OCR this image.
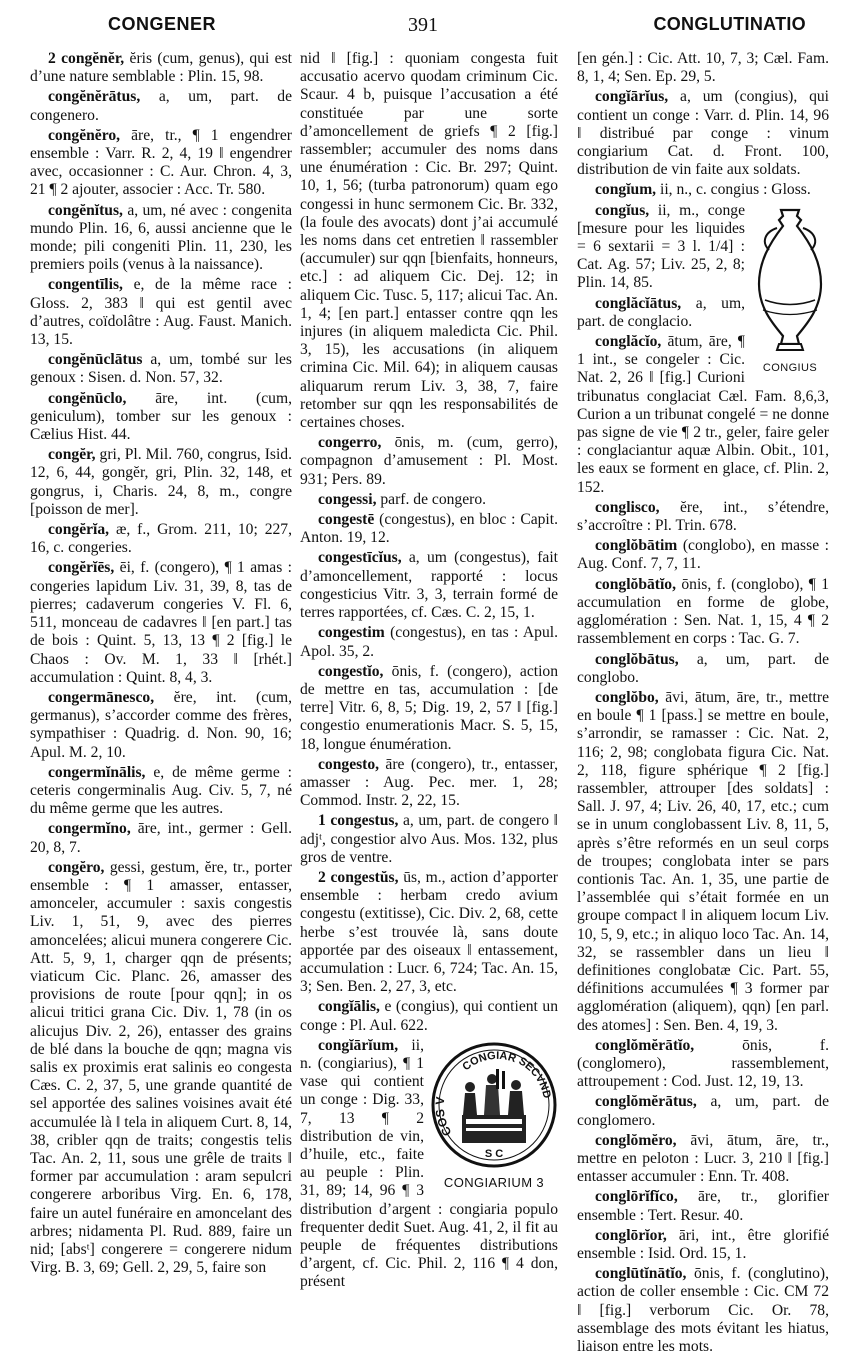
CONGENER	391	CONGLUTINATIO
2 congĕnĕr, ĕris (cum, genus), qui est d’une nature semblable : Plin. 15, 98.
congĕnĕrātus, a, um, part. de congenero.
congĕnĕro, āre, tr., ¶ 1 engendrer ensemble : Varr. R. 2, 4, 19 ‖ engendrer avec, occasionner : C. Aur. Chron. 4, 3, 21 ¶ 2 ajouter, associer : Acc. Tr. 580.
congĕnĭtus, a, um, né avec : congenita mundo Plin. 16, 6, aussi ancienne que le monde; pili congeniti Plin. 11, 230, les premiers poils (venus à la naissance).
congentīlis, e, de la même race : Gloss. 2, 383 ‖ qui est gentil avec d’autres, coïdolâtre : Aug. Faust. Manich. 13, 15.
congĕnūclātus a, um, tombé sur les genoux : Sisen. d. Non. 57, 32.
congĕnūclo, āre, int. (cum, geniculum), tomber sur les genoux : Cælius Hist. 44.
congĕr, gri, Pl. Mil. 760, congrus, Isid. 12, 6, 44, gongĕr, gri, Plin. 32, 148, et gongrus, i, Charis. 24, 8, m., congre [poisson de mer].
congĕrĭa, æ, f., Grom. 211, 10; 227, 16, c. congeries.
congĕrĭēs, ēi, f. (congero), ¶ 1 amas : congeries lapidum Liv. 31, 39, 8, tas de pierres; cadaverum congeries V. Fl. 6, 511, monceau de cadavres ‖ [en part.] tas de bois : Quint. 5, 13, 13 ¶ 2 [fig.] le Chaos : Ov. M. 1, 33 ‖ [rhét.] accumulation : Quint. 8, 4, 3.
congermānesco, ĕre, int. (cum, germanus), s’accorder comme des frères, sympathiser : Quadrig. d. Non. 90, 16; Apul. M. 2, 10.
congermĭnālis, e, de même germe : ceteris congerminalis Aug. Civ. 5, 7, né du même germe que les autres.
congermĭno, āre, int., germer : Gell. 20, 8, 7.
congĕro, gessi, gestum, ĕre, tr., porter ensemble : ¶ 1 amasser, entasser, amonceler, accumuler : saxis congestis Liv. 1, 51, 9, avec des pierres amoncelées; alicui munera congerere Cic. Att. 5, 9, 1, charger qqn de présents; viaticum Cic. Planc. 26, amasser des provisions de route [pour qqn]; in os alicui tritici grana Cic. Div. 1, 78 (in os alicujus Div. 2, 26), entasser des grains de blé dans la bouche de qqn; magna vis salis ex proximis erat salinis eo congesta Cæs. C. 2, 37, 5, une grande quantité de sel apportée des salines voisines avait été accumulée là ‖ tela in aliquem Curt. 8, 14, 38, cribler qqn de traits; congestis telis Tac. An. 2, 11, sous une grêle de traits ‖ former par accumulation : aram sepulcri congerere arboribus Virg. En. 6, 178, faire un autel funéraire en amoncelant des arbres; nidamenta Pl. Rud. 889, faire un nid; [absᵗ] congerere = congerere nidum Virg. B. 3, 69; Gell. 2, 29, 5, faire son
nid ‖ [fig.] : quoniam congesta fuit accusatio acervo quodam criminum Cic. Scaur. 4 b, puisque l’accusation a été constituée par une sorte d’amoncellement de griefs ¶ 2 [fig.] rassembler; accumuler des noms dans une énumération : Cic. Br. 297; Quint. 10, 1, 56; (turba patronorum) quam ego congessi in hunc sermonem Cic. Br. 332, (la foule des avocats) dont j’ai accumulé les noms dans cet entretien ‖ rassembler (accumuler) sur qqn [bienfaits, honneurs, etc.] : ad aliquem Cic. Dej. 12; in aliquem Cic. Tusc. 5, 117; alicui Tac. An. 1, 4; [en part.] entasser contre qqn les injures (in aliquem maledicta Cic. Phil. 3, 15), les accusations (in aliquem crimina Cic. Mil. 64); in aliquem causas aliquarum rerum Liv. 3, 38, 7, faire retomber sur qqn les responsabilités de certaines choses.
congerro, ōnis, m. (cum, gerro), compagnon d’amusement : Pl. Most. 931; Pers. 89.
congessi, parf. de congero.
congestē (congestus), en bloc : Capit. Anton. 19, 12.
congestīcĭus, a, um (congestus), fait d’amoncellement, rapporté : locus congesticius Vitr. 3, 3, terrain formé de terres rapportées, cf. Cæs. C. 2, 15, 1.
congestim (congestus), en tas : Apul. Apol. 35, 2.
congestĭo, ōnis, f. (congero), action de mettre en tas, accumulation : [de terre] Vitr. 6, 8, 5; Dig. 19, 2, 57 ‖ [fig.] congestio enumerationis Macr. S. 5, 15, 18, longue énumération.
congesto, āre (congero), tr., entasser, amasser : Aug. Pec. mer. 1, 28; Commod. Instr. 2, 22, 15.
1 congestus, a, um, part. de congero ‖ adjᵗ, congestior alvo Aus. Mos. 132, plus gros de ventre.
2 congestŭs, ūs, m., action d’apporter ensemble : herbam credo avium congestu (extitisse), Cic. Div. 2, 68, cette herbe s’est trouvée là, sans doute apportée par des oiseaux ‖ entassement, accumulation : Lucr. 6, 724; Tac. An. 15, 3; Sen. Ben. 2, 27, 3, etc.
congĭālis, e (congius), qui contient un conge : Pl. Aul. 622.
COS V
CONGIAR
SECVND
S C
CONGIARIUM 3
congĭārĭum, ii, n. (congiarius), ¶ 1 vase qui contient un conge : Dig. 33, 7, 13 ¶ 2 distribution de vin, d’huile, etc., faite au peuple : Plin. 31, 89; 14, 96 ¶ 3 distribution d’argent : congiaria populo frequenter dedit Suet. Aug. 41, 2, il fit au peuple de fréquentes distributions d’argent, cf. Cic. Phil. 2, 116 ¶ 4 don, présent
[en gén.] : Cic. Att. 10, 7, 3; Cæl. Fam. 8, 1, 4; Sen. Ep. 29, 5.
congĭārĭus, a, um (congius), qui contient un conge : Varr. d. Plin. 14, 96 ‖ distribué par conge : vinum congiarium Cat. d. Front. 100, distribution de vin faite aux soldats.
congĭum, ii, n., c. congius : Gloss.
CONGIUS
congĭus, ii, m., conge [mesure pour les liquides = 6 sextarii = 3 l. 1/4] : Cat. Ag. 57; Liv. 25, 2, 8; Plin. 14, 85.
conglăcĭātus, a, um, part. de conglacio.
conglăcĭo, ātum, āre, ¶ 1 int., se congeler : Cic. Nat. 2, 26 ‖ [fig.] Curioni tribunatus conglaciat Cæl. Fam. 8,6,3, Curion a un tribunat congelé = ne donne pas signe de vie ¶ 2 tr., geler, faire geler : conglaciantur aquæ Albin. Obit., 101, les eaux se forment en glace, cf. Plin. 2, 152.
conglisco, ĕre, int., s’étendre, s’accroître : Pl. Trin. 678.
conglŏbātim (conglobo), en masse : Aug. Conf. 7, 7, 11.
conglŏbātĭo, ōnis, f. (conglobo), ¶ 1 accumulation en forme de globe, agglomération : Sen. Nat. 1, 15, 4 ¶ 2 rassemblement en corps : Tac. G. 7.
conglŏbātus, a, um, part. de conglobo.
conglŏbo, āvi, ātum, āre, tr., mettre en boule ¶ 1 [pass.] se mettre en boule, s’arrondir, se ramasser : Cic. Nat. 2, 116; 2, 98; conglobata figura Cic. Nat. 2, 118, figure sphérique ¶ 2 [fig.] rassembler, attrouper [des soldats] : Sall. J. 97, 4; Liv. 26, 40, 17, etc.; cum se in unum conglobassent Liv. 8, 11, 5, après s’être reformés en un seul corps de troupes; conglobata inter se pars contionis Tac. An. 1, 35, une partie de l’assemblée qui s’était formée en un groupe compact ‖ in aliquem locum Liv. 10, 5, 9, etc.; in aliquo loco Tac. An. 14, 32, se rassembler dans un lieu ‖ definitiones conglobatæ Cic. Part. 55, définitions accumulées ¶ 3 former par agglomération (aliquem), qqn) [en parl. des atomes] : Sen. Ben. 4, 19, 3.
conglŏmĕrātĭo, ōnis, f. (conglomero), rassemblement, attroupement : Cod. Just. 12, 19, 13.
conglŏmĕrātus, a, um, part. de conglomero.
conglŏmĕro, āvi, ātum, āre, tr., mettre en peloton : Lucr. 3, 210 ‖ [fig.] entasser accumuler : Enn. Tr. 408.
conglōrĭfĭco, āre, tr., glorifier ensemble : Tert. Resur. 40.
conglōrĭor, āri, int., être glorifié ensemble : Isid. Ord. 15, 1.
conglūtĭnātĭo, ōnis, f. (conglutino), action de coller ensemble : Cic. CM 72 ‖ [fig.] verborum Cic. Or. 78, assemblage des mots évitant les hiatus, liaison entre les mots.
